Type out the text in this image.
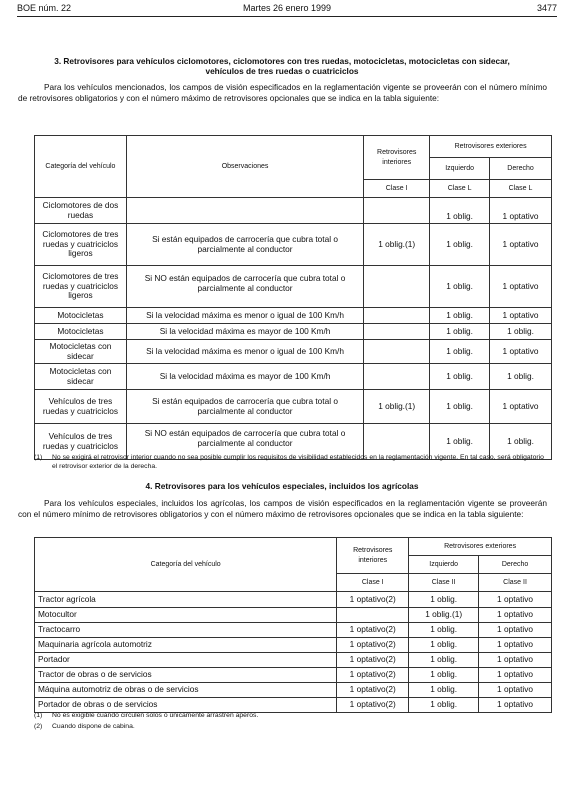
BOE núm. 22	Martes 26 enero 1999	3477
3. Retrovisores para vehículos ciclomotores, ciclomotores con tres ruedas, motocicletas, motocicletas con sidecar,
vehículos de tres ruedas o cuatriciclos
Para los vehículos mencionados, los campos de visión especificados en la reglamentación vigente se proveerán con el número mínimo de retrovisores obligatorios y con el número máximo de retrovisores opcionales que se indica en la tabla siguiente:
Categoría del vehículo	Observaciones	Retrovisores interiores	Retrovisores exteriores	
			Izquierdo	Derecho
		Clase I	Clase L	Clase L
Ciclomotores de dos ruedas			1 oblig.	1 optativo
Ciclomotores de tres ruedas y cuatriciclos ligeros	Si están equipados de carrocería que cubra total o parcialmente al conductor	1 oblig.(1)	1 oblig.	1 optativo
Ciclomotores de tres ruedas y cuatriciclos ligeros	Si NO están equipados de carrocería que cubra total o parcialmente al conductor		1 oblig.	1 optativo
Motocicletas	Si la velocidad máxima es menor o igual de 100 Km/h		1 oblig.	1 optativo
Motocicletas	Si la velocidad máxima es mayor de 100 Km/h		1 oblig.	1 oblig.
Motocicletas con sidecar	Si la velocidad máxima es menor o igual de 100 Km/h		1 oblig.	1 optativo
Motocicletas con sidecar	Si la velocidad máxima es mayor de 100 Km/h		1 oblig.	1 oblig.
Vehículos de tres ruedas y cuatriciclos	Si están equipados de carrocería que cubra total o parcialmente al conductor	1 oblig.(1)	1 oblig.	1 optativo
Vehículos de tres ruedas y cuatriciclos	Si NO están equipados de carrocería que cubra total o parcialmente al conductor		1 oblig.	1 oblig.
(1) No se exigirá el retrovisor interior cuando no sea posible cumplir los requisitos de visibilidad establecidos en la reglamentación vigente. En tal caso, será obligatorio el retrovisor exterior de la derecha.
4. Retrovisores para los vehículos especiales, incluidos los agrícolas
Para los vehículos especiales, incluidos los agrícolas, los campos de visión especificados en la reglamentación vigente se proveerán con el número mínimo de retrovisores obligatorios y con el número máximo de retrovisores opcionales que se indica en la tabla siguiente:
Categoría del vehículo	Retrovisores interiores	Retrovisores exteriores	
		Izquierdo	Derecho
	Clase I	Clase II	Clase II
Tractor agrícola	1 optativo(2)	1 oblig.	1 optativo
Motocultor		1 oblig.(1)	1 optativo
Tractocarro	1 optativo(2)	1 oblig.	1 optativo
Maquinaria agrícola automotriz	1 optativo(2)	1 oblig.	1 optativo
Portador	1 optativo(2)	1 oblig.	1 optativo
Tractor de obras o de servicios	1 optativo(2)	1 oblig.	1 optativo
Máquina automotriz de obras o de servicios	1 optativo(2)	1 oblig.	1 optativo
Portador de obras o de servicios	1 optativo(2)	1 oblig.	1 optativo
(1) No es exigible cuando circulen solos o únicamente arrastren aperos.
(2) Cuando dispone de cabina.
